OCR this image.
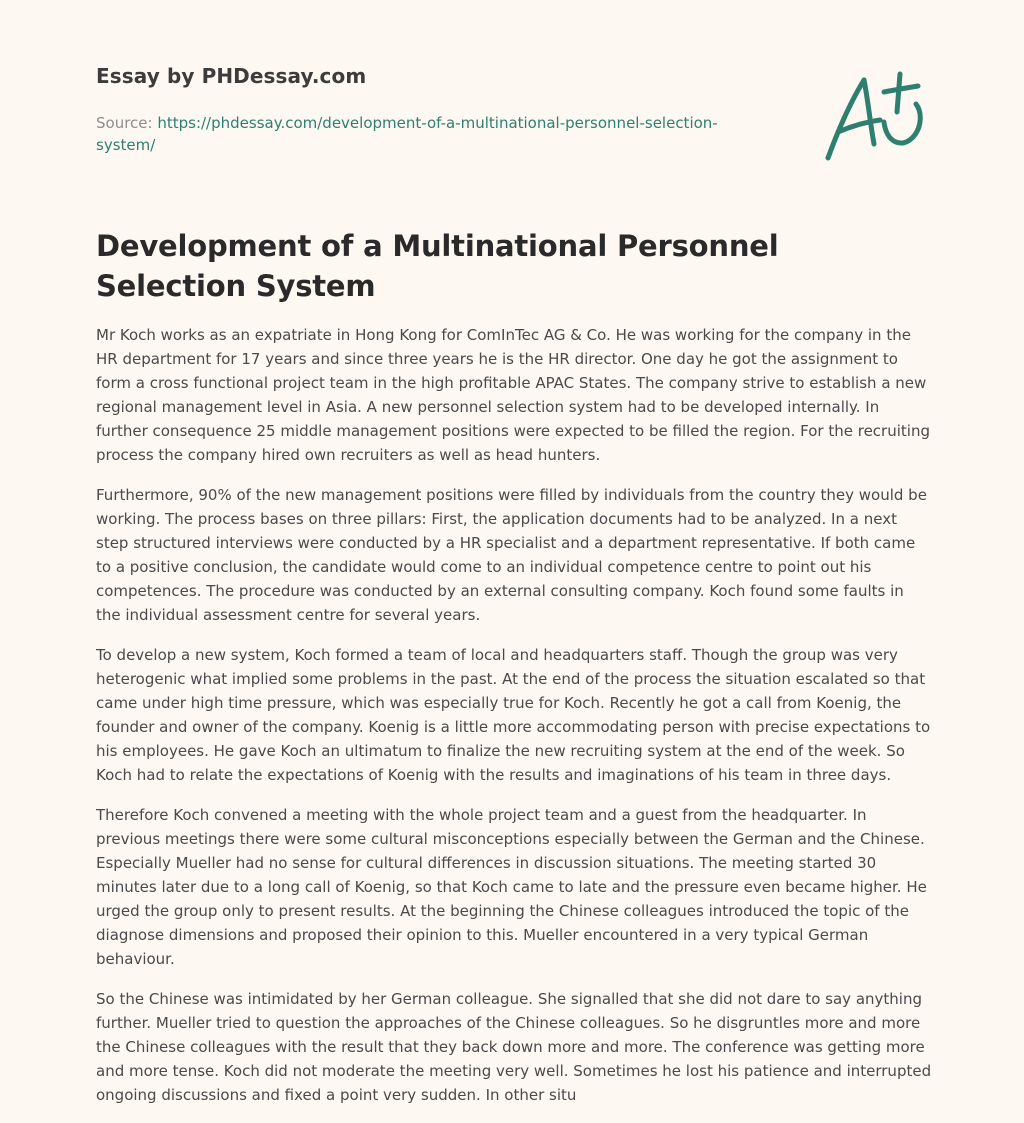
Essay by PHDessay.com
Source: https://phdessay.com/development-of-a-multinational-personnel-selection-system/
Development of a Multinational Personnel Selection System

Mr Koch works as an expatriate in Hong Kong for ComInTec AG & Co. He was working for the company in the HR department for 17 years and since three years he is the HR director. One day he got the assignment to form a cross functional project team in the high profitable APAC States. The company strive to establish a new regional management level in Asia. A new personnel selection system had to be developed internally. In further consequence 25 middle management positions were expected to be filled the region. For the recruiting process the company hired own recruiters as well as head hunters.

Furthermore, 90% of the new management positions were filled by individuals from the country they would be working. The process bases on three pillars: First, the application documents had to be analyzed. In a next step structured interviews were conducted by a HR specialist and a department representative. If both came to a positive conclusion, the candidate would come to an individual competence centre to point out his competences. The procedure was conducted by an external consulting company. Koch found some faults in the individual assessment centre for several years.

To develop a new system, Koch formed a team of local and headquarters staff. Though the group was very heterogenic what implied some problems in the past. At the end of the process the situation escalated so that came under high time pressure, which was especially true for Koch. Recently he got a call from Koenig, the founder and owner of the company. Koenig is a little more accommodating person with precise expectations to his employees. He gave Koch an ultimatum to finalize the new recruiting system at the end of the week. So Koch had to relate the expectations of Koenig with the results and imaginations of his team in three days.

Therefore Koch convened a meeting with the whole project team and a guest from the headquarter. In previous meetings there were some cultural misconceptions especially between the German and the Chinese. Especially Mueller had no sense for cultural differences in discussion situations. The meeting started 30 minutes later due to a long call of Koenig, so that Koch came to late and the pressure even became higher. He urged the group only to present results. At the beginning the Chinese colleagues introduced the topic of the diagnose dimensions and proposed their opinion to this. Mueller encountered in a very typical German behaviour.

So the Chinese was intimidated by her German colleague. She signalled that she did not dare to say anything further. Mueller tried to question the approaches of the Chinese colleagues. So he disgruntles more and more the Chinese colleagues with the result that they back down more and more. The conference was getting more and more tense. Koch did not moderate the meeting very well. Sometimes he lost his patience and interrupted ongoing discussions and fixed a point very sudden. In other situ
